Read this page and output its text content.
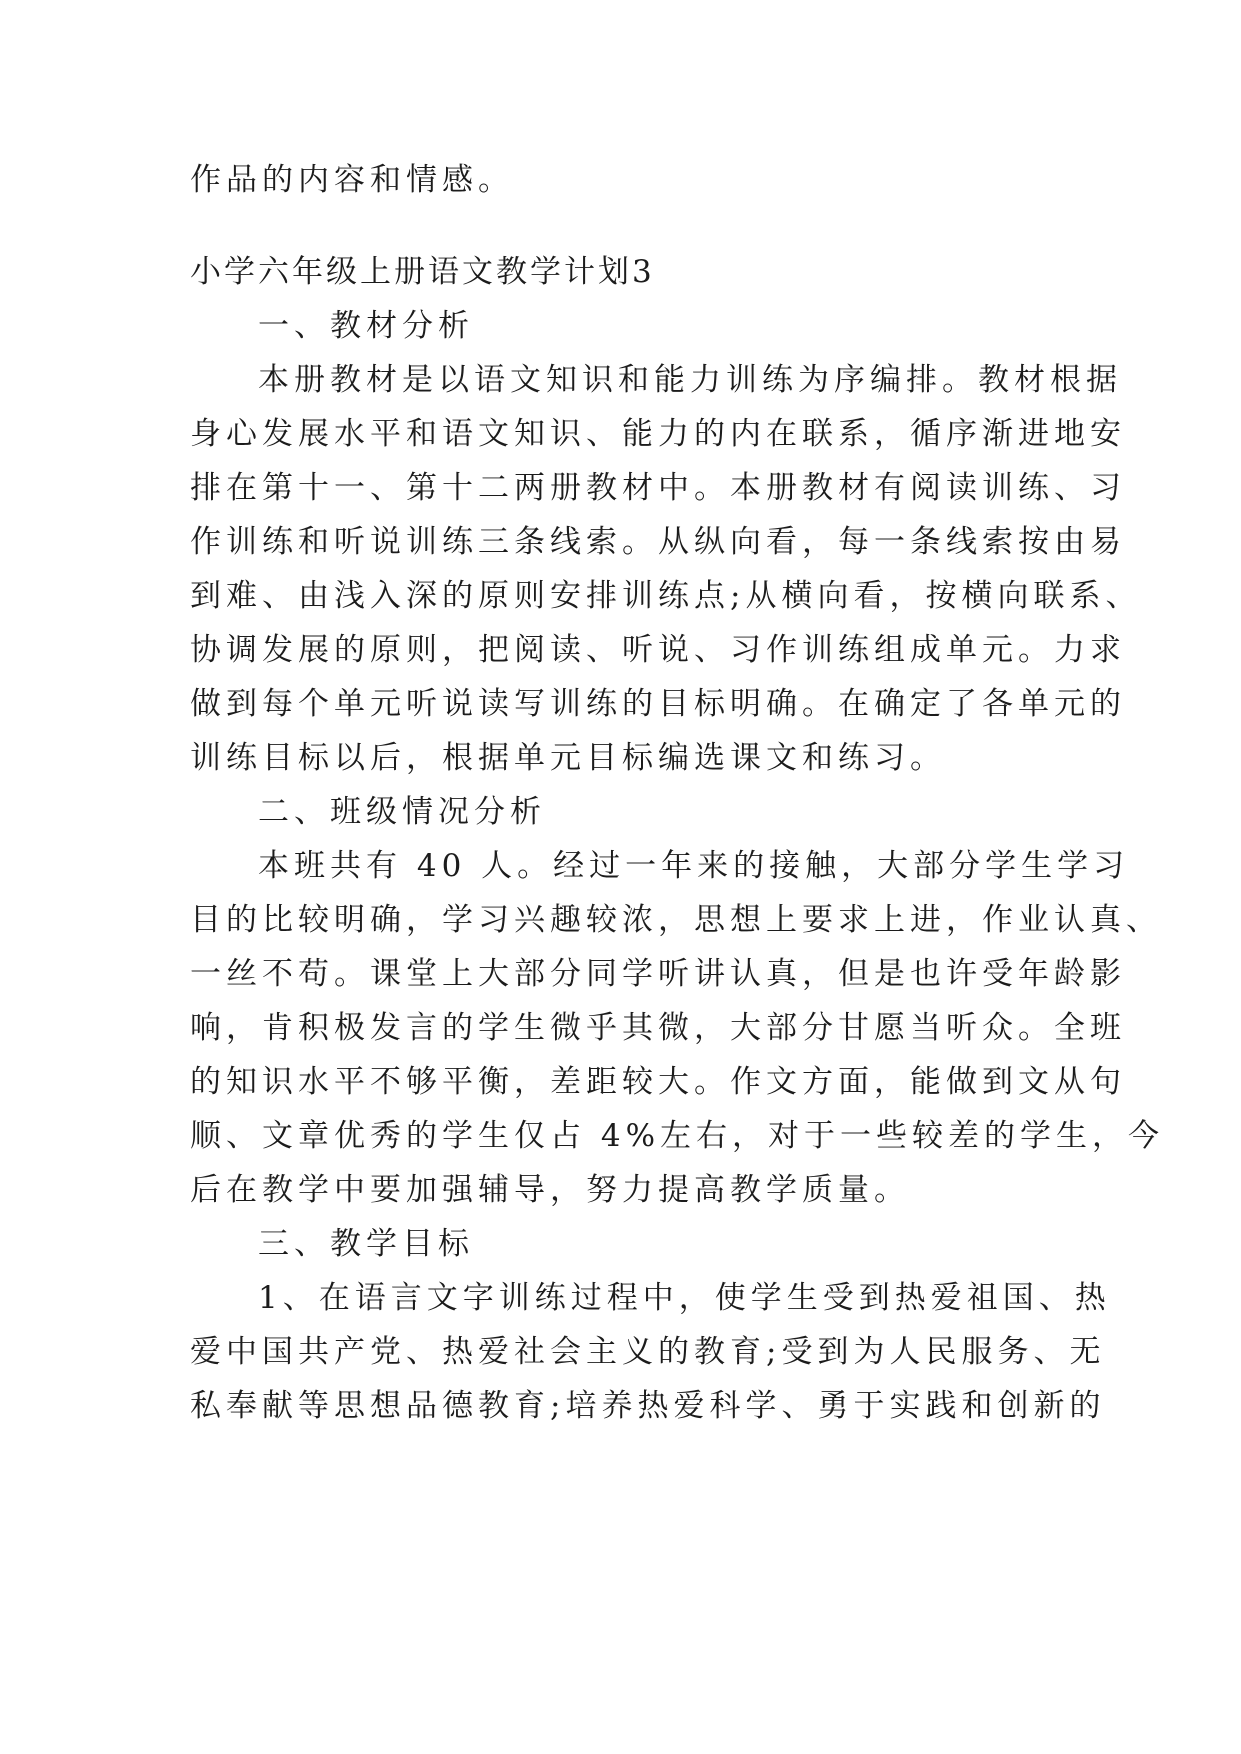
作品的内容和情感。
小学六年级上册语文教学计划3
一、教材分析
本册教材是以语文知识和能力训练为序编排。教材根据
身心发展水平和语文知识、能力的内在联系，循序渐进地安
排在第十一、第十二两册教材中。本册教材有阅读训练、习
作训练和听说训练三条线索。从纵向看，每一条线索按由易
到难、由浅入深的原则安排训练点;从横向看，按横向联系、
协调发展的原则，把阅读、听说、习作训练组成单元。力求
做到每个单元听说读写训练的目标明确。在确定了各单元的
训练目标以后，根据单元目标编选课文和练习。
二、班级情况分析
本班共有 40 人。经过一年来的接触，大部分学生学习
目的比较明确，学习兴趣较浓，思想上要求上进，作业认真、
一丝不苟。课堂上大部分同学听讲认真，但是也许受年龄影
响，肯积极发言的学生微乎其微，大部分甘愿当听众。全班
的知识水平不够平衡，差距较大。作文方面，能做到文从句
顺、文章优秀的学生仅占 4%左右，对于一些较差的学生，今
后在教学中要加强辅导，努力提高教学质量。
三、教学目标
1、在语言文字训练过程中，使学生受到热爱祖国、热
爱中国共产党、热爱社会主义的教育;受到为人民服务、无
私奉献等思想品德教育;培养热爱科学、勇于实践和创新的
